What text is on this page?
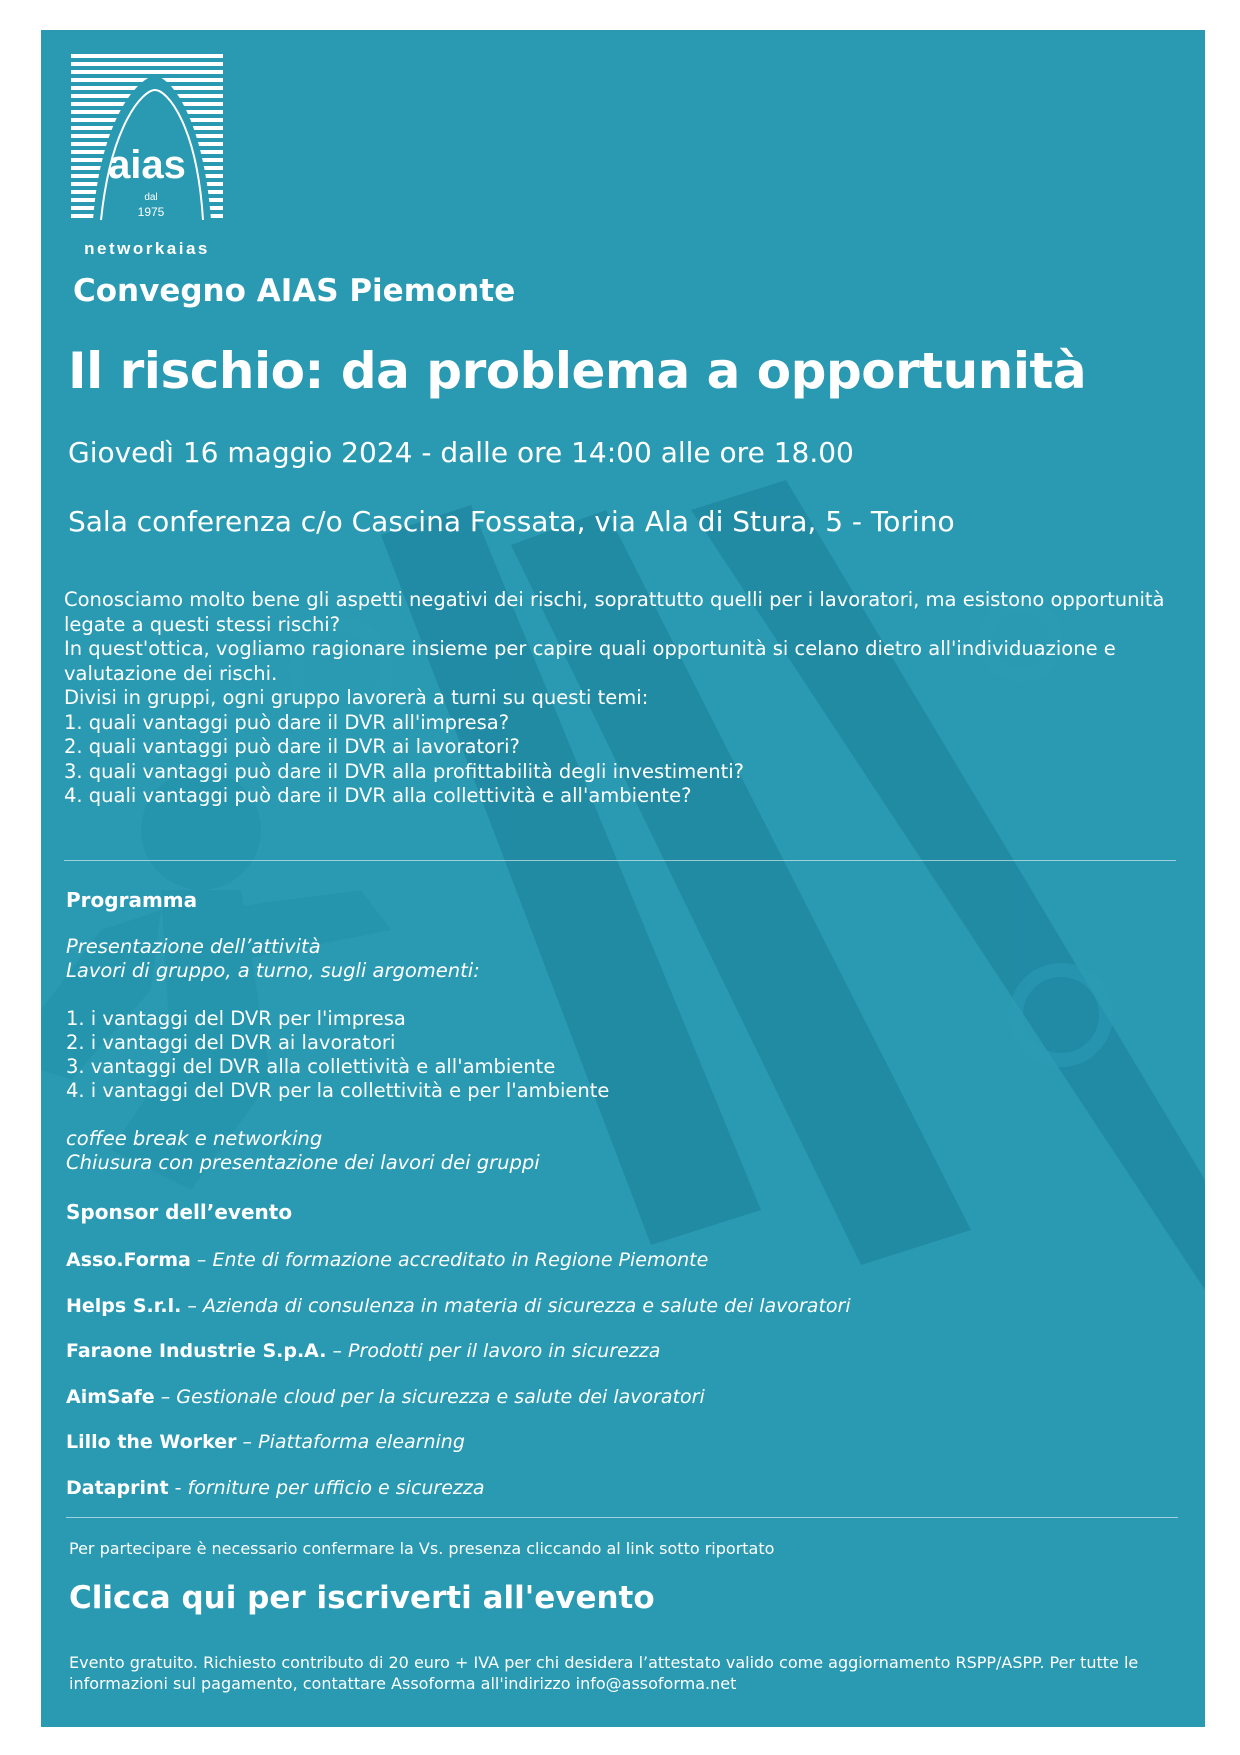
aias
dal
1975
networkaias
Convegno AIAS Piemonte
Il rischio: da problema a opportunità
Giovedì 16 maggio 2024 - dalle ore 14:00 alle ore 18.00
Sala conferenza c/o Cascina Fossata, via Ala di Stura, 5 - Torino

Conosciamo molto bene gli aspetti negativi dei rischi, soprattutto quelli per i lavoratori, ma esistono opportunità

legate a questi stessi rischi?

In quest'ottica, vogliamo ragionare insieme per capire quali opportunità si celano dietro all'individuazione e

valutazione dei rischi.

Divisi in gruppi, ogni gruppo lavorerà a turni su questi temi:

1. quali vantaggi può dare il DVR all'impresa?

2. quali vantaggi può dare il DVR ai lavoratori?

3. quali vantaggi può dare il DVR alla profittabilità degli investimenti?

4. quali vantaggi può dare il DVR alla collettività e all'ambiente?

Programma

Presentazione dell’attività

Lavori di gruppo, a turno, sugli argomenti:

1. i vantaggi del DVR per l'impresa

2. i vantaggi del DVR ai lavoratori

3. vantaggi del DVR alla collettività e all'ambiente

4. i vantaggi del DVR per la collettività e per l'ambiente

coffee break e networking

Chiusura con presentazione dei lavori dei gruppi

Sponsor dell’evento

Asso.Forma – Ente di formazione accreditato in Regione Piemonte

Helps S.r.l. – Azienda di consulenza in materia di sicurezza e salute dei lavoratori

Faraone Industrie S.p.A. – Prodotti per il lavoro in sicurezza

AimSafe – Gestionale cloud per la sicurezza e salute dei lavoratori

Lillo the Worker – Piattaforma elearning

Dataprint - forniture per ufficio e sicurezza

Per partecipare è necessario confermare la Vs. presenza cliccando al link sotto riportato
Clicca qui per iscriverti all'evento
Evento gratuito. Richiesto contributo di 20 euro + IVA per chi desidera l’attestato valido come aggiornamento RSPP/ASPP. Per tutte le
informazioni sul pagamento, contattare Assoforma all'indirizzo info@assoforma.net
